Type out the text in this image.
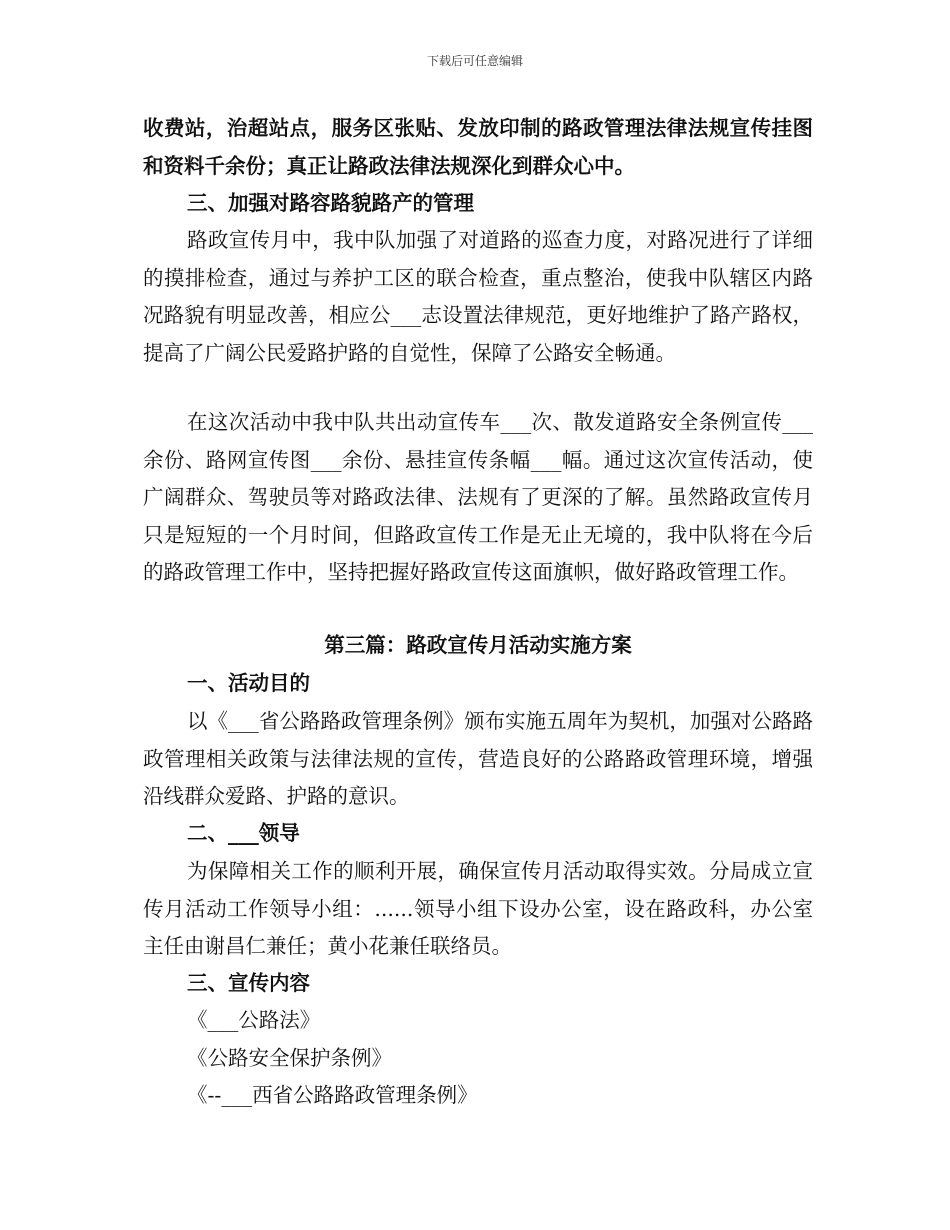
下载后可任意编辑
收费站，治超站点，服务区张贴、发放印制的路政管理法律法规宣传挂图和资料千余份；真正让路政法律法规深化到群众心中。
三、加强对路容路貌路产的管理
路政宣传月中，我中队加强了对道路的巡查力度，对路况进行了详细的摸排检查，通过与养护工区的联合检查，重点整治，使我中队辖区内路况路貌有明显改善，相应公___志设置法律规范，更好地维护了路产路权，提高了广阔公民爱路护路的自觉性，保障了公路安全畅通。
在这次活动中我中队共出动宣传车___次、散发道路安全条例宣传___余份、路网宣传图___余份、悬挂宣传条幅___幅。通过这次宣传活动，使广阔群众、驾驶员等对路政法律、法规有了更深的了解。虽然路政宣传月只是短短的一个月时间，但路政宣传工作是无止无境的，我中队将在今后的路政管理工作中，坚持把握好路政宣传这面旗帜，做好路政管理工作。
第三篇：路政宣传月活动实施方案
一、活动目的
以《___省公路路政管理条例》颁布实施五周年为契机，加强对公路路政管理相关政策与法律法规的宣传，营造良好的公路路政管理环境，增强沿线群众爱路、护路的意识。
二、___领导
为保障相关工作的顺利开展，确保宣传月活动取得实效。分局成立宣传月活动工作领导小组：......领导小组下设办公室，设在路政科，办公室主任由谢昌仁兼任；黄小花兼任联络员。
三、宣传内容
《___公路法》
《公路安全保护条例》
《--___西省公路路政管理条例》
